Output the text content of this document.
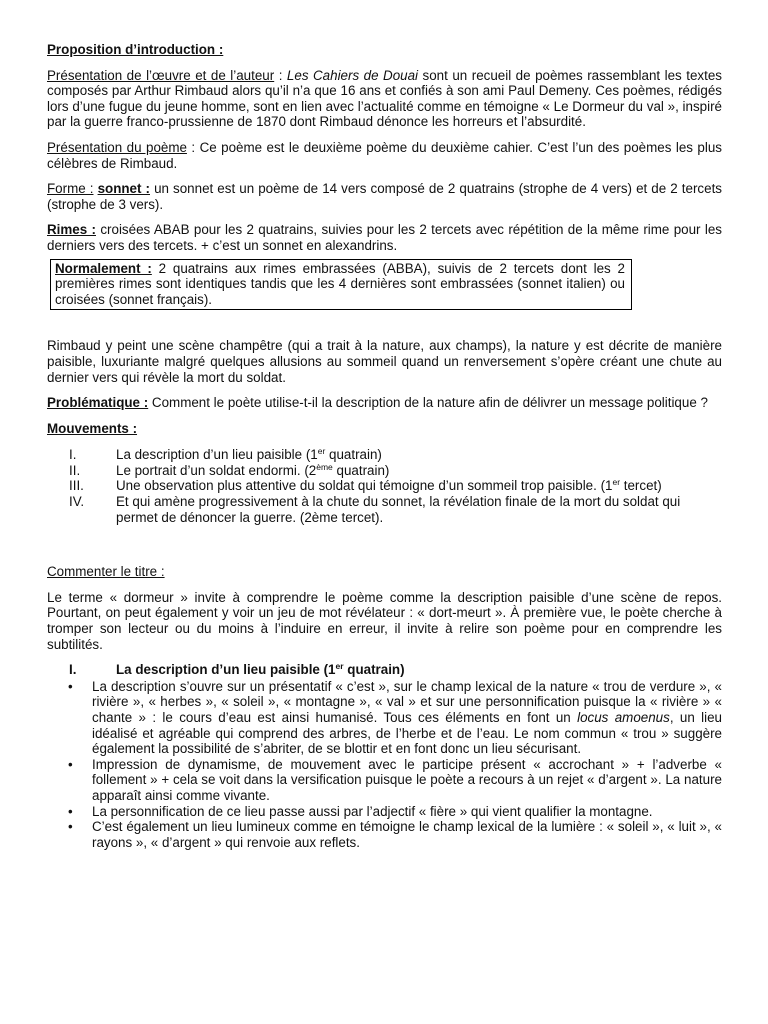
Proposition d’introduction :

Présentation de l’œuvre et de l’auteur : Les Cahiers de Douai sont un recueil de poèmes rassemblant les textes composés par Arthur Rimbaud alors qu’il n’a que 16 ans et confiés à son ami Paul Demeny. Ces poèmes, rédigés lors d’une fugue du jeune homme, sont en lien avec l’actualité comme en témoigne « Le Dormeur du val », inspiré par la guerre franco-prussienne de 1870 dont Rimbaud dénonce les horreurs et l’absurdité.

Présentation du poème : Ce poème est le deuxième poème du deuxième cahier. C’est l’un des poèmes les plus célèbres de Rimbaud.

Forme : sonnet : un sonnet est un poème de 14 vers composé de 2 quatrains (strophe de 4 vers) et de 2 tercets (strophe de 3 vers).

Rimes : croisées ABAB pour les 2 quatrains, suivies pour les 2 tercets avec répétition de la même rime pour les derniers vers des tercets. + c’est un sonnet en alexandrins.

Normalement : 2 quatrains aux rimes embrassées (ABBA), suivis de 2 tercets dont les 2 premières rimes sont identiques tandis que les 4 dernières sont embrassées (sonnet italien) ou croisées (sonnet français).

Rimbaud y peint une scène champêtre (qui a trait à la nature, aux champs), la nature y est décrite de manière paisible, luxuriante malgré quelques allusions au sommeil quand un renversement s’opère créant une chute au dernier vers qui révèle la mort du soldat.

Problématique : Comment le poète utilise-t-il la description de la nature afin de délivrer un message politique ?

Mouvements :

I.	La description d’un lieu paisible (1er quatrain)
II.	Le portrait d’un soldat endormi. (2ème quatrain)
III. Une observation plus attentive du soldat qui témoigne d’un sommeil trop paisible. (1er tercet)
IV. Et qui amène progressivement à la chute du sonnet, la révélation finale de la mort du soldat qui permet de dénoncer la guerre. (2ème tercet).

Commenter le titre :

Le terme « dormeur » invite à comprendre le poème comme la description paisible d’une scène de repos. Pourtant, on peut également y voir un jeu de mot révélateur : « dort-meurt ». À première vue, le poète cherche à tromper son lecteur ou du moins à l’induire en erreur, il invite à relire son poème pour en comprendre les subtilités.

I.	La description d’un lieu paisible (1er quatrain)

• La description s’ouvre sur un présentatif « c’est », sur le champ lexical de la nature « trou de verdure », « rivière », « herbes », « soleil », « montagne », « val » et sur une personnification puisque la « rivière » « chante » : le cours d’eau est ainsi humanisé. Tous ces éléments en font un locus amoenus, un lieu idéalisé et agréable qui comprend des arbres, de l’herbe et de l’eau. Le nom commun « trou » suggère également la possibilité de s’abriter, de se blottir et en font donc un lieu sécurisant.
• Impression de dynamisme, de mouvement avec le participe présent « accrochant » + l’adverbe « follement » + cela se voit dans la versification puisque le poète a recours à un rejet « d’argent ». La nature apparaît ainsi comme vivante.
• La personnification de ce lieu passe aussi par l’adjectif « fière » qui vient qualifier la montagne.
• C’est également un lieu lumineux comme en témoigne le champ lexical de la lumière : « soleil », « luit », « rayons », « d’argent » qui renvoie aux reflets.
